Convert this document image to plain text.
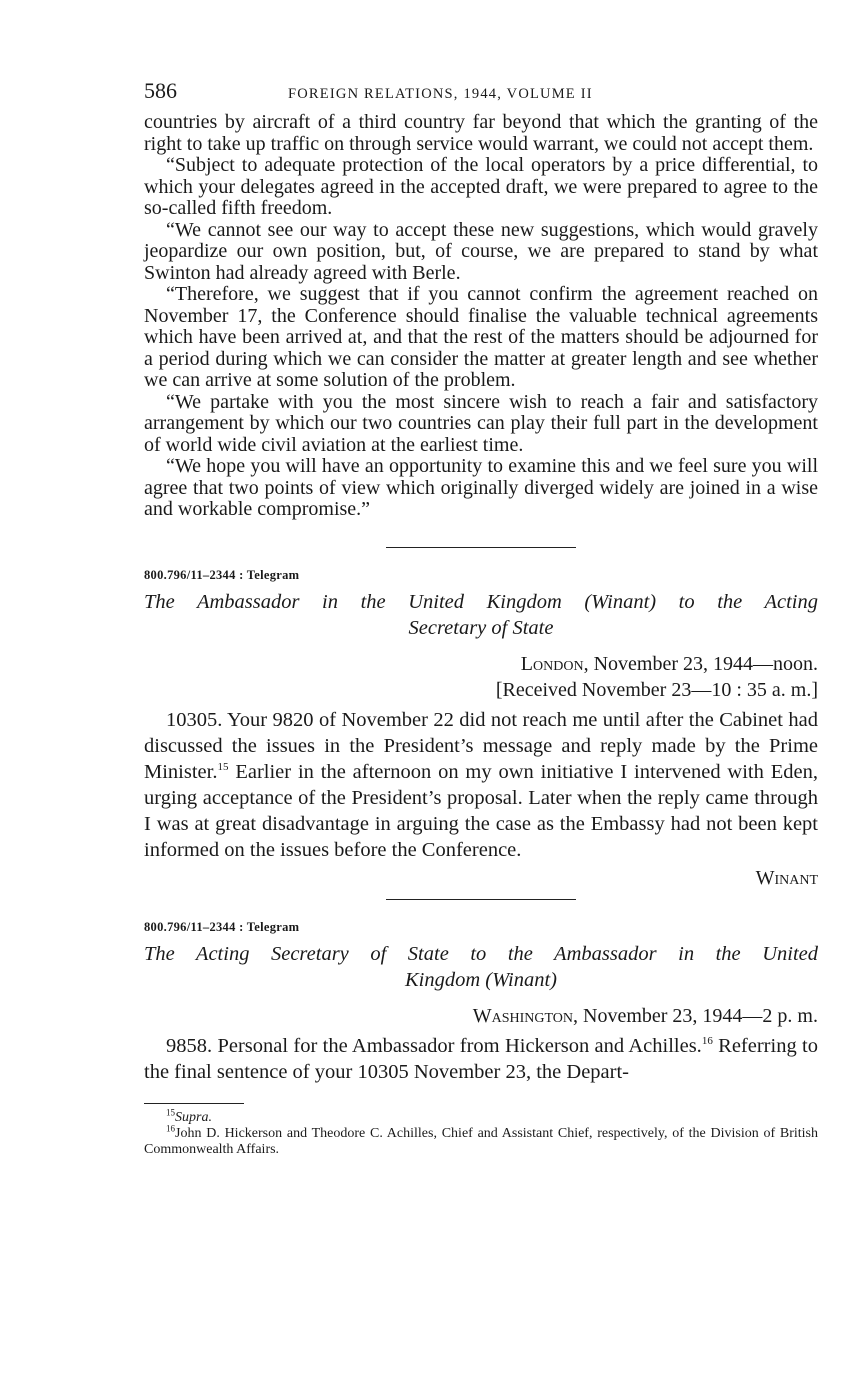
586	FOREIGN RELATIONS, 1944, VOLUME II

countries by aircraft of a third country far beyond that which the granting of the right to take up traffic on through service would warrant, we could not accept them.

“Subject to adequate protection of the local operators by a price differential, to which your delegates agreed in the accepted draft, we were prepared to agree to the so-called fifth freedom.

“We cannot see our way to accept these new suggestions, which would gravely jeopardize our own position, but, of course, we are prepared to stand by what Swinton had already agreed with Berle.

“Therefore, we suggest that if you cannot confirm the agreement reached on November 17, the Conference should finalise the valuable technical agreements which have been arrived at, and that the rest of the matters should be adjourned for a period during which we can consider the matter at greater length and see whether we can arrive at some solution of the problem.

“We partake with you the most sincere wish to reach a fair and satisfactory arrangement by which our two countries can play their full part in the development of world wide civil aviation at the earliest time.

“We hope you will have an opportunity to examine this and we feel sure you will agree that two points of view which originally diverged widely are joined in a wise and workable compromise.”

800.796/11–2344 : Telegram
The Ambassador in the United Kingdom (Winant) to the Acting
Secretary of State
London, November 23, 1944—noon.
[Received November 23—10 : 35 a. m.]

10305. Your 9820 of November 22 did not reach me until after the Cabinet had discussed the issues in the President’s message and reply made by the Prime Minister.$^{15}$ Earlier in the afternoon on my own initiative I intervened with Eden, urging acceptance of the President’s proposal. Later when the reply came through I was at great disadvantage in arguing the case as the Embassy had not been kept informed on the issues before the Conference.

Winant
800.796/11–2344 : Telegram
The Acting Secretary of State to the Ambassador in the United
Kingdom (Winant)
Washington, November 23, 1944—2 p. m.

9858. Personal for the Ambassador from Hickerson and Achilles.$^{16}$ Referring to the final sentence of your 10305 November 23, the Depart-

$^{15}$Supra.

$^{16}$John D. Hickerson and Theodore C. Achilles, Chief and Assistant Chief, respectively, of the Division of British Commonwealth Affairs.
